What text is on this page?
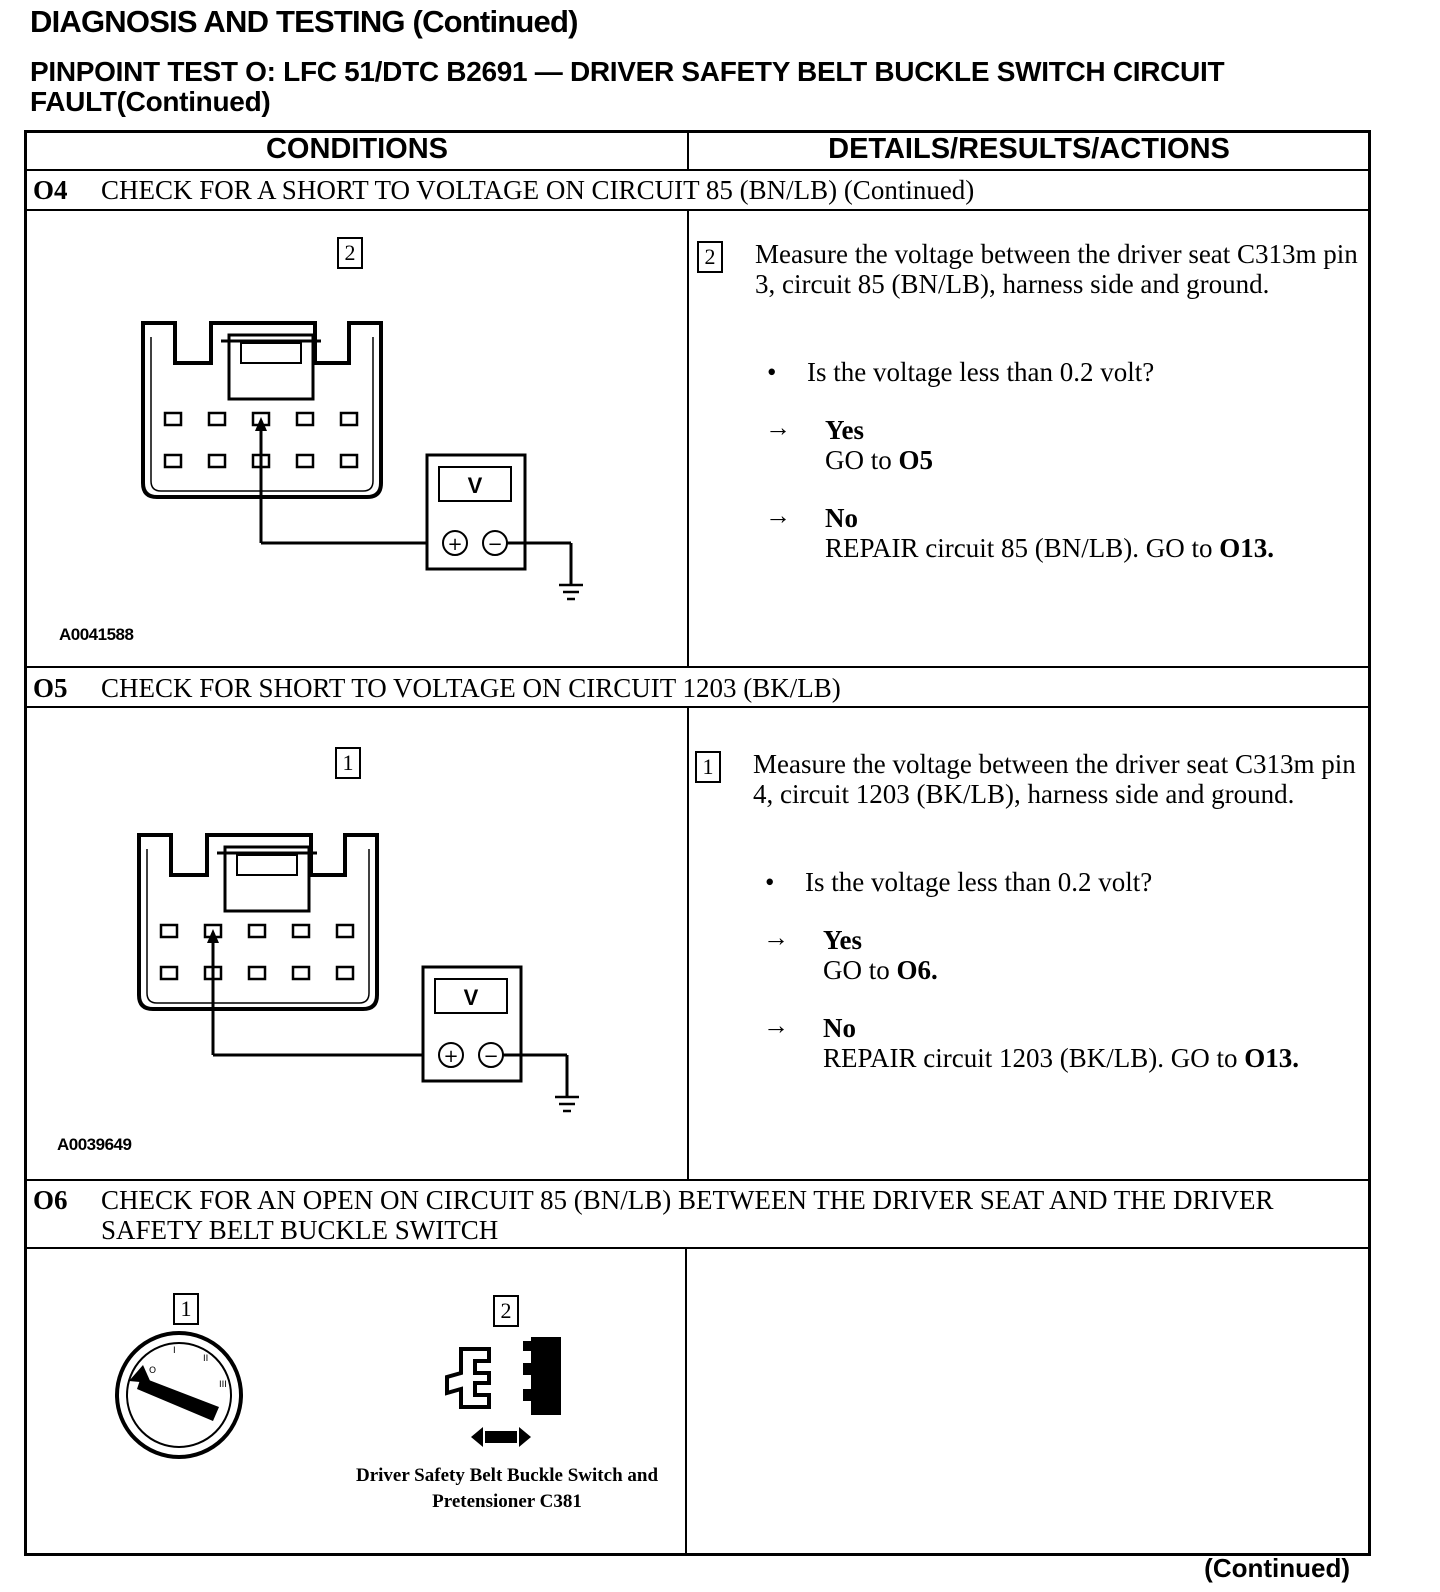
DIAGNOSIS AND TESTING (Continued)
PINPOINT TEST O: LFC 51/DTC B2691 — DRIVER SAFETY BELT BUCKLE SWITCH CIRCUIT FAULT(Continued)
CONDITIONS	DETAILS/RESULTS/ACTIONS
O4 CHECK FOR A SHORT TO VOLTAGE ON CIRCUIT 85 (BN/LB) (Continued)
2
V
+ −
A0041588
2 Measure the voltage between the driver seat C313m pin 3, circuit 85 (BN/LB), harness side and ground.
• Is the voltage less than 0.2 volt?
→ Yes
GO to O5
→ No
REPAIR circuit 85 (BN/LB). GO to O13.
O5 CHECK FOR SHORT TO VOLTAGE ON CIRCUIT 1203 (BK/LB)
1
V
+ −
A0039649
1 Measure the voltage between the driver seat C313m pin 4, circuit 1203 (BK/LB), harness side and ground.
• Is the voltage less than 0.2 volt?
→ Yes
GO to O6.
→ No
REPAIR circuit 1203 (BK/LB). GO to O13.
O6 CHECK FOR AN OPEN ON CIRCUIT 85 (BN/LB) BETWEEN THE DRIVER SEAT AND THE DRIVER SAFETY BELT BUCKLE SWITCH
1	2
O
I
II
III
Driver Safety Belt Buckle Switch and Pretensioner C381
(Continued)
